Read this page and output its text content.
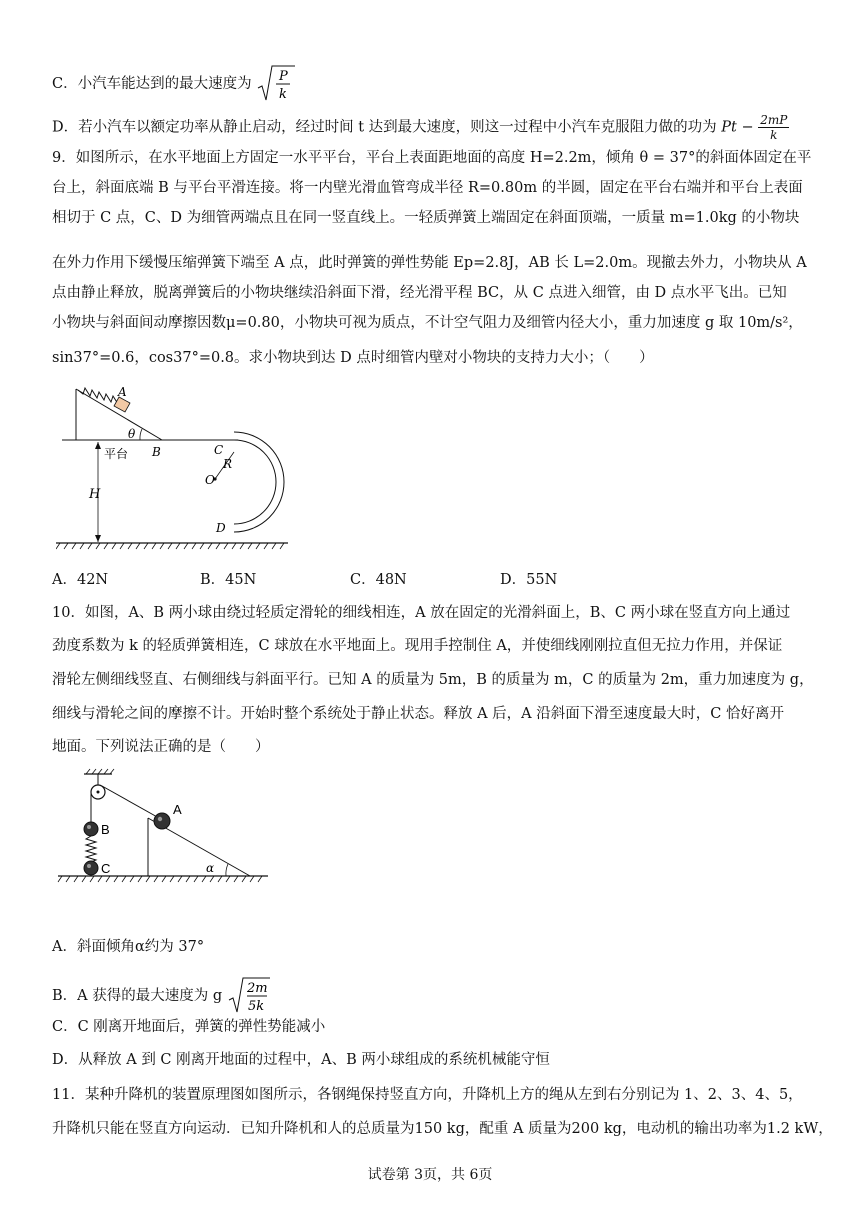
C．小汽车能达到的最大速度为 P
k
D．若小汽车以额定功率从静止启动，经过时间 t 达到最大速度，则这一过程中小汽车克服阻力做的功为 $Pt - \frac{2mP}{k}$
9．如图所示，在水平地面上方固定一水平平台，平台上表面距地面的高度 H=2.2m，倾角 θ = 37°的斜面体固定在平
台上，斜面底端 B 与平台平滑连接。将一内壁光滑血管弯成半径 R=0.80m 的半圆，固定在平台右端并和平台上表面
相切于 C 点，C、D 为细管两端点且在同一竖直线上。一轻质弹簧上端固定在斜面顶端，一质量 m=1.0kg 的小物块
在外力作用下缓慢压缩弹簧下端至 A 点，此时弹簧的弹性势能 Ep=2.8J，AB 长 L=2.0m。现撤去外力，小物块从 A
点由静止释放，脱离弹簧后的小物块继续沿斜面下滑，经光滑平程 BC，从 C 点进入细管，由 D 点水平飞出。已知
小物块与斜面间动摩擦因数μ=0.80，小物块可视为质点，不计空气阻力及细管内径大小，重力加速度 g 取 10m/s²，
sin37°=0.6，cos37°=0.8。求小物块到达 D 点时细管内壁对小物块的支持力大小；（　　）
A
θ
B
平台
H
C
R
O
D
A．42N	B．45N	C．48N	D．55N
10．如图，A、B 两小球由绕过轻质定滑轮的细线相连，A 放在固定的光滑斜面上，B、C 两小球在竖直方向上通过
劲度系数为 k 的轻质弹簧相连，C 球放在水平地面上。现用手控制住 A，并使细线刚刚拉直但无拉力作用，并保证
滑轮左侧细线竖直、右侧细线与斜面平行。已知 A 的质量为 5m，B 的质量为 m，C 的质量为 2m，重力加速度为 g，
细线与滑轮之间的摩擦不计。开始时整个系统处于静止状态。释放 A 后，A 沿斜面下滑至速度最大时，C 恰好离开
地面。下列说法正确的是（　　）
B
C
A
α
A．斜面倾角α约为 37°
B．A 获得的最大速度为 g 2m
5k
C．C 刚离开地面后，弹簧的弹性势能减小
D．从释放 A 到 C 刚离开地面的过程中，A、B 两小球组成的系统机械能守恒
11．某种升降机的装置原理图如图所示，各钢绳保持竖直方向，升降机上方的绳从左到右分别记为 1、2、3、4、5，
升降机只能在竖直方向运动．已知升降机和人的总质量为150 kg，配重 A 质量为200 kg，电动机的输出功率为1.2 kW，
试卷第 3页，共 6页
